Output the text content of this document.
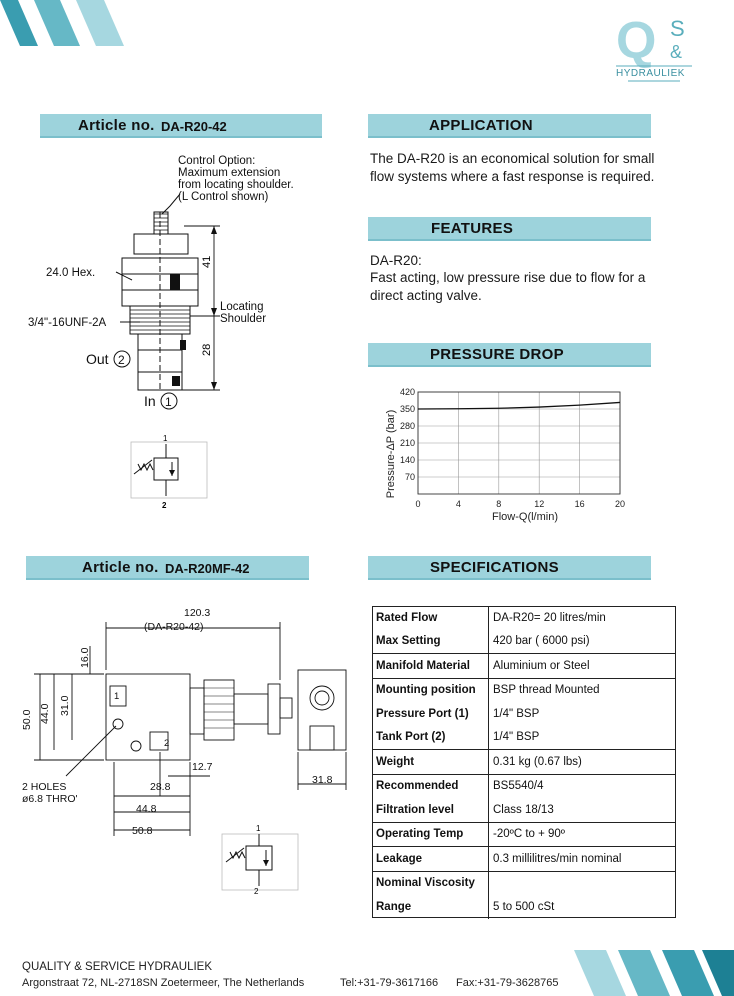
Q S
&
HYDRAULIEK
Article no. DA-R20-42	APPLICATION
The DA-R20 is an economical solution for small flow systems where a fast response is required.
FEATURES
DA-R20:
Fast acting, low pressure rise due to flow for a direct acting valve.
PRESSURE DROP
Pressure-ΔP (bar)
Flow-Q(l/min)
70
140
210
280
350
420
0	4	8	12	16	20
Article no. DA-R20MF-42	SPECIFICATIONS
Rated Flow	DA-R20= 20 litres/min
Max Setting	420 bar ( 6000 psi)
Manifold Material	Aluminium or Steel
Mounting position	BSP thread Mounted
Pressure Port (1)	1/4" BSP
Tank Port (2)	1/4" BSP
Weight	0.31 kg (0.67 lbs)
Recommended	BS5540/4
Filtration level	Class 18/13
Operating Temp	-20ºC to + 90º
Leakage	0.3 millilitres/min nominal
Nominal Viscosity	
Range	5 to 500 cSt
Control Option:
Maximum extension
from locating shoulder.
(L Control shown)
24.0 Hex.
3/4"-16UNF-2A
Locating
Shoulder
Out 2
In 1
41
28
1
2
120.3
(DA-R20-42)
16.0
50.0 44.0 31.0	1
2
12.7
28.8
44.8
50.8
31.8
2 HOLES
ø6.8 THRO'
1
2
QUALITY & SERVICE HYDRAULIEK
Argonstraat 72, NL-2718SN Zoetermeer, The Netherlands	Tel:+31-79-3617166 Fax:+31-79-3628765
